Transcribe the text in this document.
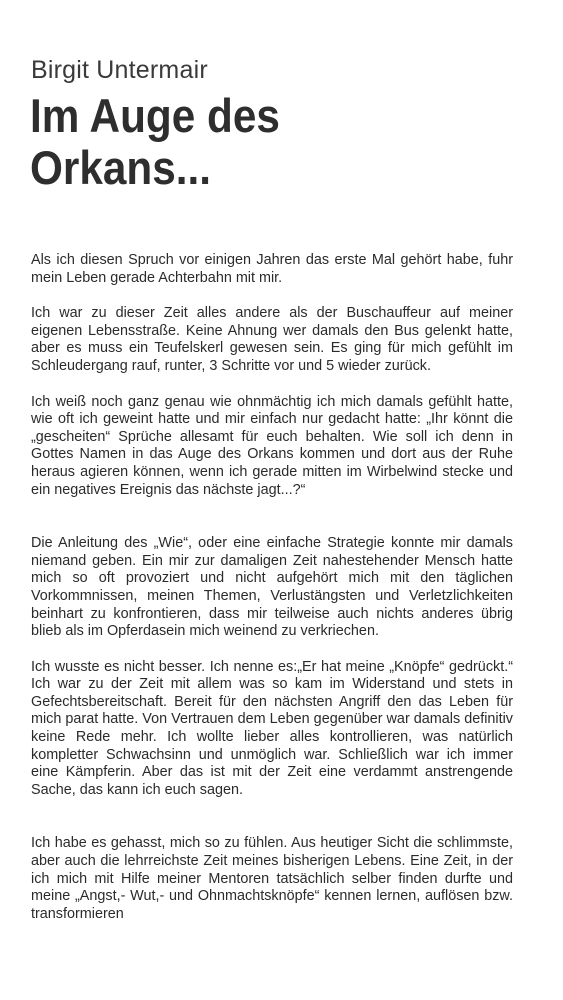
Birgit Untermair
Im Auge des
Orkans...

Als ich diesen Spruch vor einigen Jahren das erste Mal gehört habe, fuhr mein Leben gerade Achterbahn mit mir.

Ich war zu dieser Zeit alles andere als der Buschauffeur auf meiner eigenen Lebensstraße. Keine Ahnung wer damals den Bus gelenkt hatte, aber es muss ein Teufelskerl gewesen sein. Es ging für mich gefühlt im Schleudergang rauf, runter, 3 Schritte vor und 5 wieder zurück.

Ich weiß noch ganz genau wie ohnmächtig ich mich damals gefühlt hatte, wie oft ich geweint hatte und mir einfach nur gedacht hatte: „Ihr könnt die „gescheiten“ Sprüche allesamt für euch behalten. Wie soll ich denn in Gottes Namen in das Auge des Orkans kommen und dort aus der Ruhe heraus agieren können, wenn ich gerade mitten im Wirbelwind stecke und ein negatives Ereignis das nächste jagt...?“

Die Anleitung des „Wie“, oder eine einfache Strategie konnte mir damals niemand geben. Ein mir zur damaligen Zeit nahestehender Mensch hatte mich so oft provoziert und nicht aufgehört mich mit den täglichen Vorkommnissen, meinen Themen, Verlustängsten und Verletzlichkeiten beinhart zu konfrontieren, dass mir teilweise auch nichts anderes übrig blieb als im Opferdasein mich weinend zu verkriechen.

Ich wusste es nicht besser. Ich nenne es:„Er hat meine „Knöpfe“ gedrückt.“ Ich war zu der Zeit mit allem was so kam im Widerstand und stets in Gefechtsbereitschaft. Bereit für den nächsten Angriff den das Leben für mich parat hatte. Von Vertrauen dem Leben gegenüber war damals definitiv keine Rede mehr. Ich wollte lieber alles kontrollieren, was natürlich kompletter Schwachsinn und unmöglich war. Schließlich war ich immer eine Kämpferin. Aber das ist mit der Zeit eine verdammt anstrengende Sache, das kann ich euch sagen.

Ich habe es gehasst, mich so zu fühlen. Aus heutiger Sicht die schlimmste, aber auch die lehrreichste Zeit meines bisherigen Lebens. Eine Zeit, in der ich mich mit Hilfe meiner Mentoren tatsächlich selber finden durfte und meine „Angst,- Wut,- und Ohnmachtsknöpfe“ kennen lernen, auflösen bzw. transformieren
